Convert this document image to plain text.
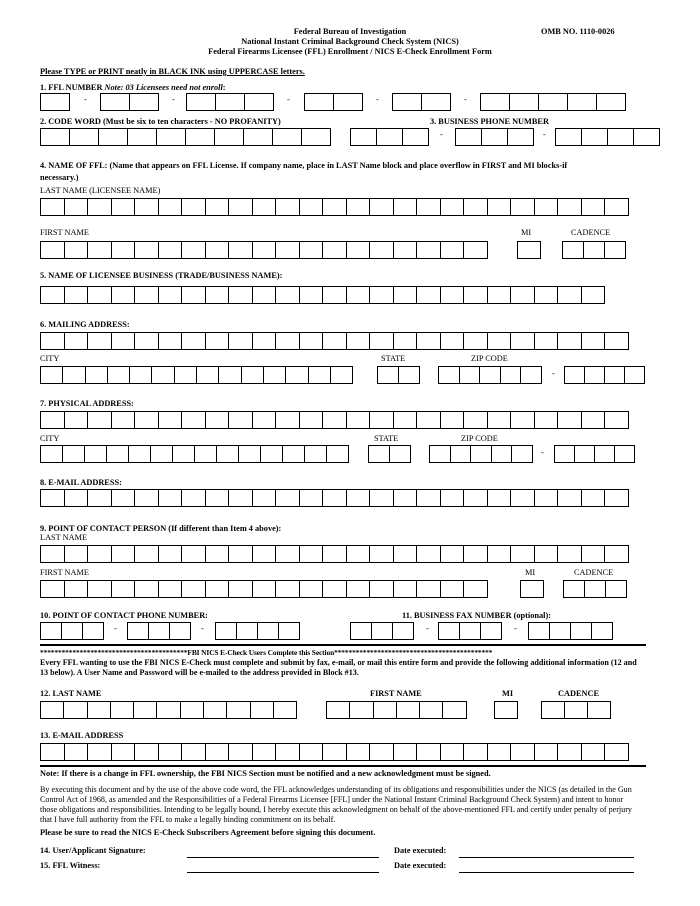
Federal Bureau of Investigation
National Instant Criminal Background Check System (NICS)
Federal Firearms Licensee (FFL) Enrollment / NICS E-Check Enrollment Form
OMB NO. 1110-0026
Please TYPE or PRINT neatly in BLACK INK using UPPERCASE letters.
1. FFL NUMBER Note: 03 Licensees need not enroll:
-	-	-	-	-
2. CODE WORD (Must be six to ten characters - NO PROFANITY)	3. BUSINESS PHONE NUMBER
-	-
4. NAME OF FFL: (Name that appears on FFL License. If company name, place in LAST Name block and place overflow in FIRST and MI blocks-if
necessary.)
LAST NAME (LICENSEE NAME)
FIRST NAME	MI	CADENCE
5. NAME OF LICENSEE BUSINESS (TRADE/BUSINESS NAME):
6. MAILING ADDRESS:
CITY	STATE	ZIP CODE
-
7. PHYSICAL ADDRESS:
CITY	STATE	ZIP CODE
-
8. E-MAIL ADDRESS:
9. POINT OF CONTACT PERSON (If different than Item 4 above):
LAST NAME
FIRST NAME	MI	CADENCE
10. POINT OF CONTACT PHONE NUMBER:
-	-
11. BUSINESS FAX NUMBER (optional):
-	-
*****************************************FBI NICS E-Check Users Complete this Section********************************************
Every FFL wanting to use the FBI NICS E-Check must complete and submit by fax, e-mail, or mail this entire form and provide the following additional information (12 and 13 below). A User Name and Password will be e-mailed to the address provided in Block #13.
12. LAST NAME	FIRST NAME	MI	CADENCE
13. E-MAIL ADDRESS
Note: If there is a change in FFL ownership, the FBI NICS Section must be notified and a new acknowledgment must be signed.
By executing this document and by the use of the above code word, the FFL acknowledges understanding of its obligations and responsibilities under the NICS (as detailed in the Gun Control Act of 1968, as amended and the Responsibilities of a Federal Firearms Licensee [FFL] under the National Instant Criminal Background Check System) and intent to honor those obligations and responsibilities. Intending to be legally bound, I hereby execute this acknowledgment on behalf of the above-mentioned FFL and certify under penalty of perjury that I have full authority from the FFL to make a legally binding commitment on its behalf.
Please be sure to read the NICS E-Check Subscribers Agreement before signing this document.
14. User/Applicant Signature:	Date executed:
15. FFL Witness:	Date executed:
